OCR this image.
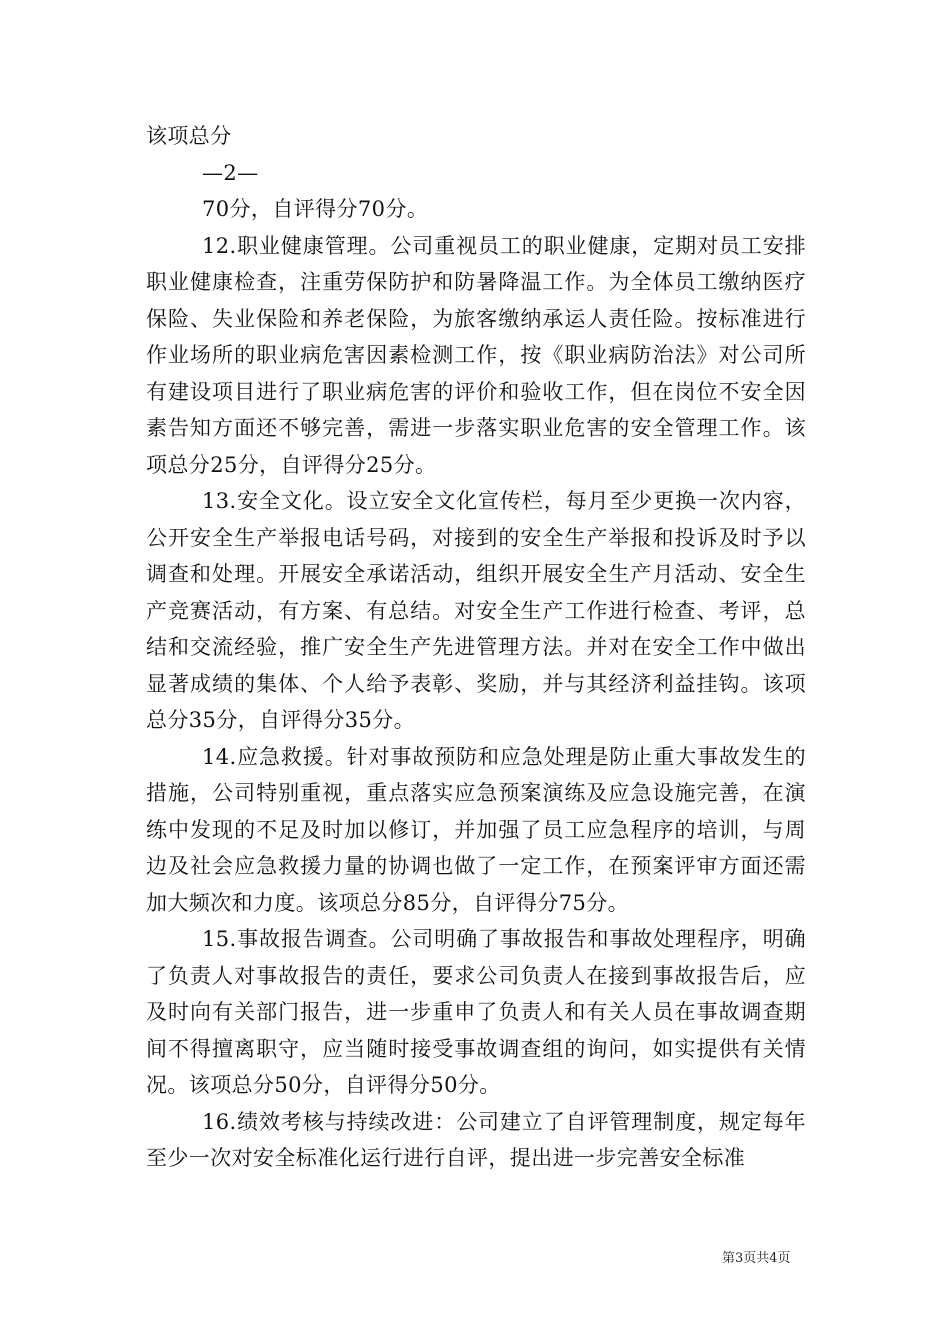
该项总分
—2—
70分，自评得分70分。

12.职业健康管理。公司重视员工的职业健康，定期对员工安排职业健康检查，注重劳保防护和防暑降温工作。为全体员工缴纳医疗保险、失业保险和养老保险，为旅客缴纳承运人责任险。按标准进行作业场所的职业病危害因素检测工作，按《职业病防治法》对公司所有建设项目进行了职业病危害的评价和验收工作，但在岗位不安全因素告知方面还不够完善，需进一步落实职业危害的安全管理工作。该项总分25分，自评得分25分。

13.安全文化。设立安全文化宣传栏，每月至少更换一次内容，公开安全生产举报电话号码，对接到的安全生产举报和投诉及时予以调查和处理。开展安全承诺活动，组织开展安全生产月活动、安全生产竞赛活动，有方案、有总结。对安全生产工作进行检查、考评，总结和交流经验，推广安全生产先进管理方法。并对在安全工作中做出显著成绩的集体、个人给予表彰、奖励，并与其经济利益挂钩。该项总分35分，自评得分35分。

14.应急救援。针对事故预防和应急处理是防止重大事故发生的措施，公司特别重视，重点落实应急预案演练及应急设施完善，在演练中发现的不足及时加以修订，并加强了员工应急程序的培训，与周边及社会应急救援力量的协调也做了一定工作，在预案评审方面还需加大频次和力度。该项总分85分，自评得分75分。

15.事故报告调查。公司明确了事故报告和事故处理程序，明确了负责人对事故报告的责任，要求公司负责人在接到事故报告后，应及时向有关部门报告，进一步重申了负责人和有关人员在事故调查期间不得擅离职守，应当随时接受事故调查组的询问，如实提供有关情况。该项总分50分，自评得分50分。

16.绩效考核与持续改进：公司建立了自评管理制度，规定每年至少一次对安全标准化运行进行自评，提出进一步完善安全标准

第3页共4页
